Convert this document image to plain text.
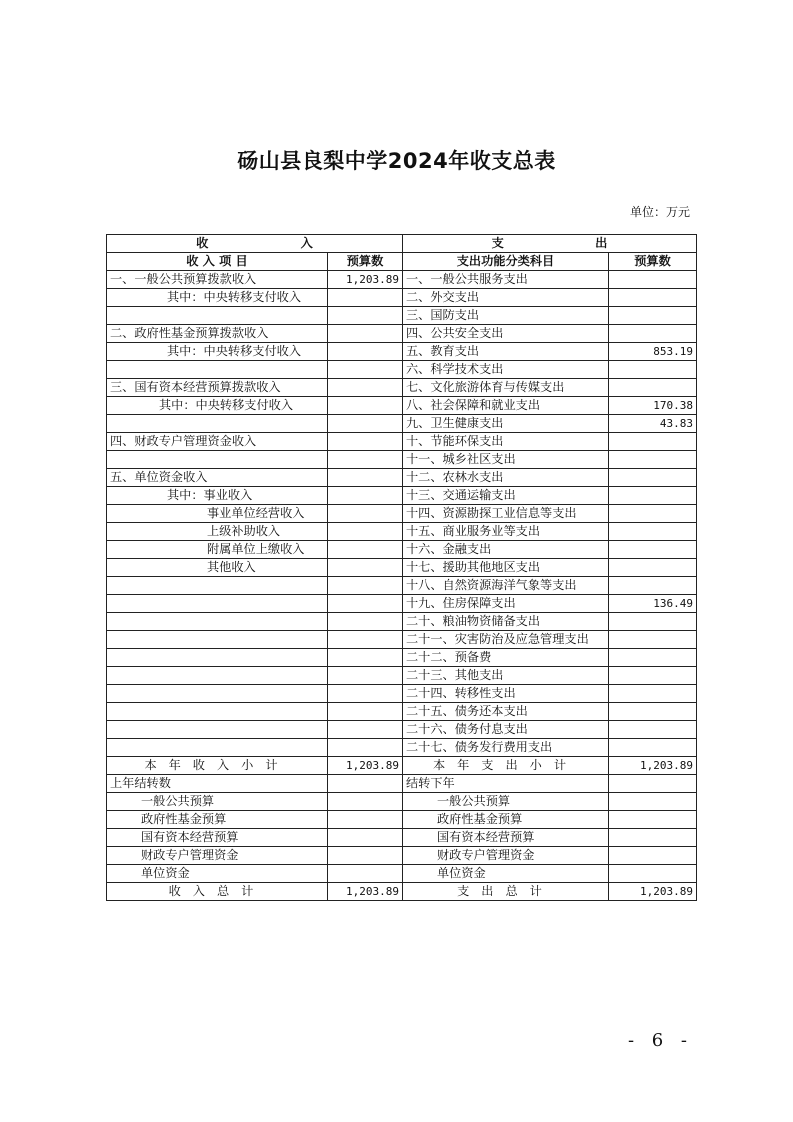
砀山县良梨中学2024年收支总表
单位：万元
收 入		支 出	

收 入 项 目	预算数	支出功能分类科目	预算数
一、一般公共预算拨款收入	1,203.89	一、一般公共服务支出	
其中：中央转移支付收入		二、外交支出	
		三、国防支出	
二、政府性基金预算拨款收入		四、公共安全支出	
其中：中央转移支付收入		五、教育支出	853.19
		六、科学技术支出	
三、国有资本经营预算拨款收入		七、文化旅游体育与传媒支出	
其中：中央转移支付收入		八、社会保障和就业支出	170.38
		九、卫生健康支出	43.83
四、财政专户管理资金收入		十、节能环保支出	
		十一、城乡社区支出	
五、单位资金收入		十二、农林水支出	
其中：事业收入		十三、交通运输支出	
事业单位经营收入		十四、资源勘探工业信息等支出	
上级补助收入		十五、商业服务业等支出	
附属单位上缴收入		十六、金融支出	
其他收入		十七、援助其他地区支出	
		十八、自然资源海洋气象等支出	
		十九、住房保障支出	136.49
		二十、粮油物资储备支出	
		二十一、灾害防治及应急管理支出	
		二十二、预备费	
		二十三、其他支出	
		二十四、转移性支出	
		二十五、债务还本支出	
		二十六、债务付息支出	
		二十七、债务发行费用支出	
本年收入小计	1,203.89	本年支出小计	1,203.89
上年结转数		结转下年	
一般公共预算		一般公共预算	
政府性基金预算		政府性基金预算	
国有资本经营预算		国有资本经营预算	
财政专户管理资金		财政专户管理资金	
单位资金		单位资金	
收入总计	1,203.89	支出总计	1,203.89
- 6 -
